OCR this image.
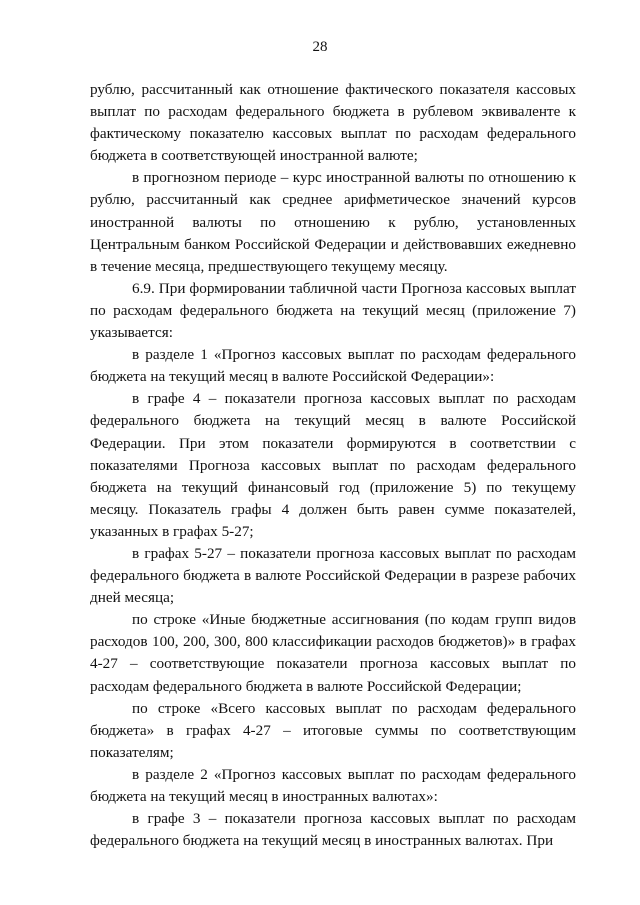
28

рублю, рассчитанный как отношение фактического показателя кассовых выплат по расходам федерального бюджета в рублевом эквиваленте к фактическому показателю кассовых выплат по расходам федерального бюджета в соответствующей иностранной валюте;

в прогнозном периоде – курс иностранной валюты по отношению к рублю, рассчитанный как среднее арифметическое значений курсов иностранной валюты по отношению к рублю, установленных Центральным банком Российской Федерации и действовавших ежедневно в течение месяца, предшествующего текущему месяцу.

6.9. При формировании табличной части Прогноза кассовых выплат по расходам федерального бюджета на текущий месяц (приложение 7) указывается:

в разделе 1 «Прогноз кассовых выплат по расходам федерального бюджета на текущий месяц в валюте Российской Федерации»:

в графе 4 – показатели прогноза кассовых выплат по расходам федерального бюджета на текущий месяц в валюте Российской Федерации. При этом показатели формируются в соответствии с показателями Прогноза кассовых выплат по расходам федерального бюджета на текущий финансовый год (приложение 5) по текущему месяцу. Показатель графы 4 должен быть равен сумме показателей, указанных в графах 5-27;

в графах 5-27 – показатели прогноза кассовых выплат по расходам федерального бюджета в валюте Российской Федерации в разрезе рабочих дней месяца;

по строке «Иные бюджетные ассигнования (по кодам групп видов расходов 100, 200, 300, 800 классификации расходов бюджетов)» в графах 4-27 – соответствующие показатели прогноза кассовых выплат по расходам федерального бюджета в валюте Российской Федерации;

по строке «Всего кассовых выплат по расходам федерального бюджета» в графах 4-27 – итоговые суммы по соответствующим показателям;

в разделе 2 «Прогноз кассовых выплат по расходам федерального бюджета на текущий месяц в иностранных валютах»:

в графе 3 – показатели прогноза кассовых выплат по расходам федерального бюджета на текущий месяц в иностранных валютах. При
